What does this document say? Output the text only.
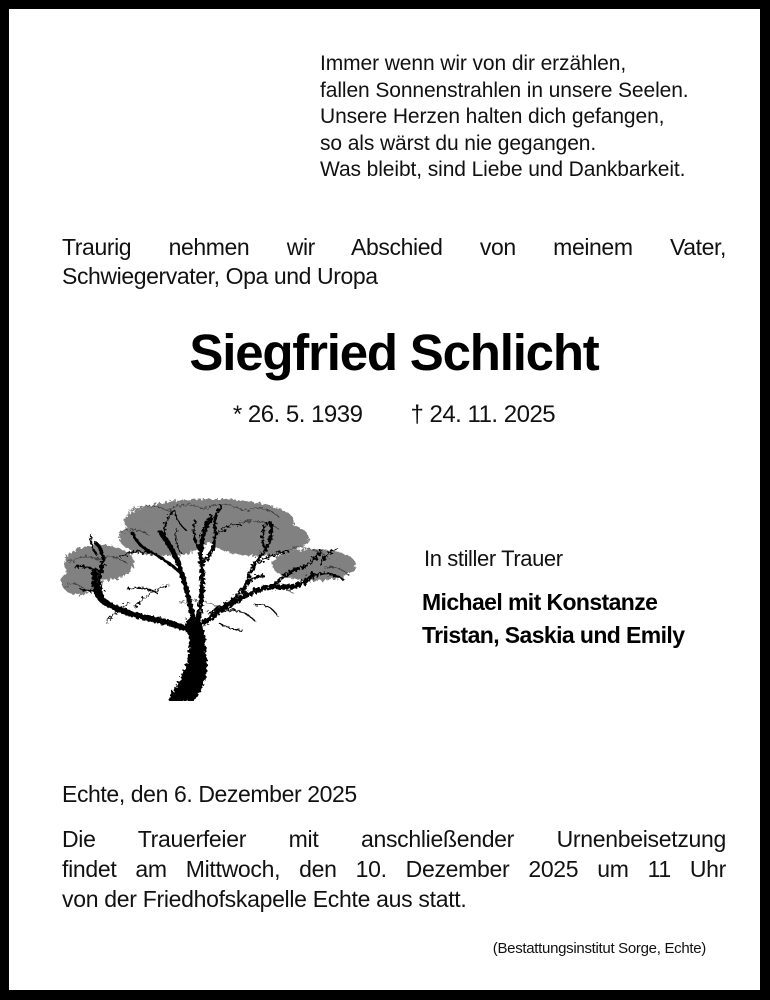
Immer wenn wir von dir erzählen,
fallen Sonnenstrahlen in unsere Seelen.
Unsere Herzen halten dich gefangen,
so als wärst du nie gegangen.
Was bleibt, sind Liebe und Dankbarkeit.
Traurig nehmen wir Abschied von meinem Vater,
Schwiegervater, Opa und Uropa
Siegfried Schlicht
* 26. 5. 1939 † 24. 11. 2025
In stiller Trauer
Michael mit Konstanze
Tristan, Saskia und Emily
Echte, den 6. Dezember 2025
Die Trauerfeier mit anschließender Urnenbeisetzung
findet am Mittwoch, den 10. Dezember 2025 um 11 Uhr
von der Friedhofskapelle Echte aus statt.
(Bestattungsinstitut Sorge, Echte)
